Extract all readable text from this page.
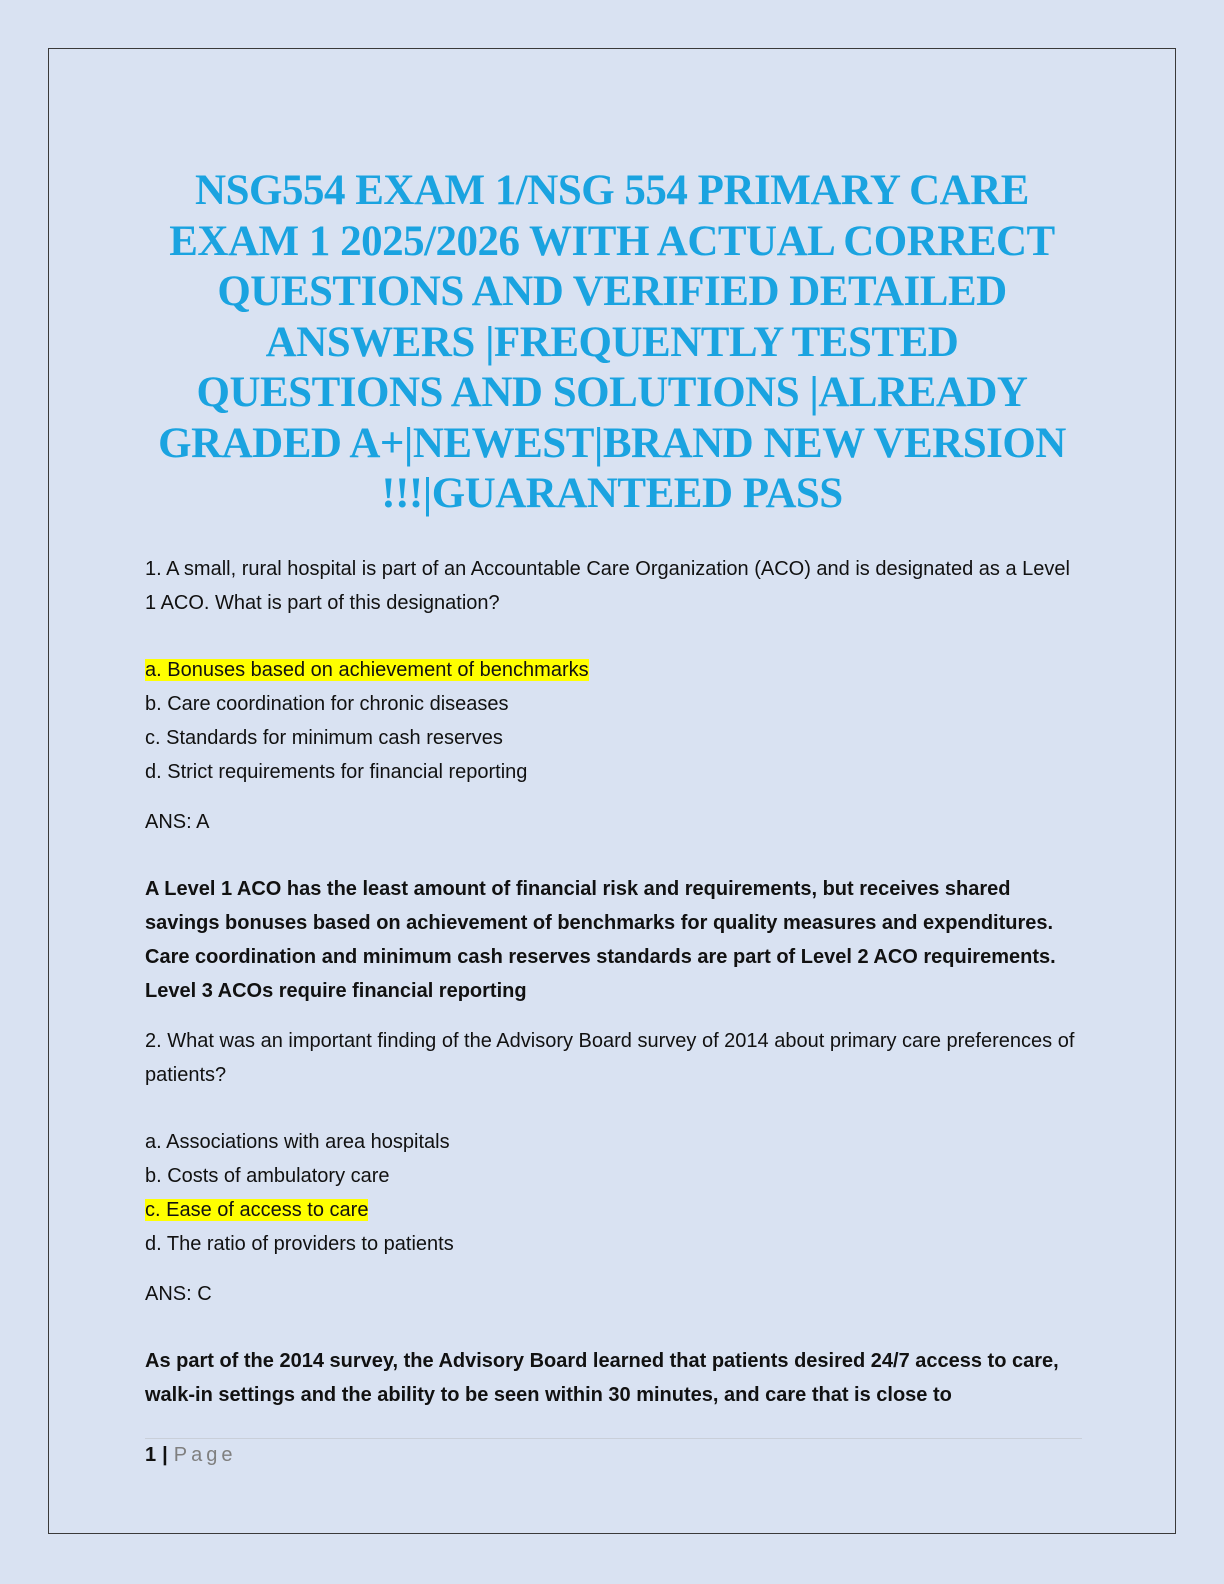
NSG554 EXAM 1/NSG 554 PRIMARY CARE EXAM 1 2025/2026 WITH ACTUAL CORRECT QUESTIONS AND VERIFIED DETAILED ANSWERS |FREQUENTLY TESTED QUESTIONS AND SOLUTIONS |ALREADY GRADED A+|NEWEST|BRAND NEW VERSION !!!|GUARANTEED PASS

1. A small, rural hospital is part of an Accountable Care Organization (ACO) and is designated as a Level 1 ACO. What is part of this designation?

a. Bonuses based on achievement of benchmarks
b. Care coordination for chronic diseases
c. Standards for minimum cash reserves
d. Strict requirements for financial reporting

ANS: A

A Level 1 ACO has the least amount of financial risk and requirements, but receives shared savings bonuses based on achievement of benchmarks for quality measures and expenditures. Care coordination and minimum cash reserves standards are part of Level 2 ACO requirements. Level 3 ACOs require financial reporting

2. What was an important finding of the Advisory Board survey of 2014 about primary care preferences of patients?

a. Associations with area hospitals
b. Costs of ambulatory care
c. Ease of access to care
d. The ratio of providers to patients

ANS: C

As part of the 2014 survey, the Advisory Board learned that patients desired 24/7 access to care, walk-in settings and the ability to be seen within 30 minutes, and care that is close to

1 | Page
